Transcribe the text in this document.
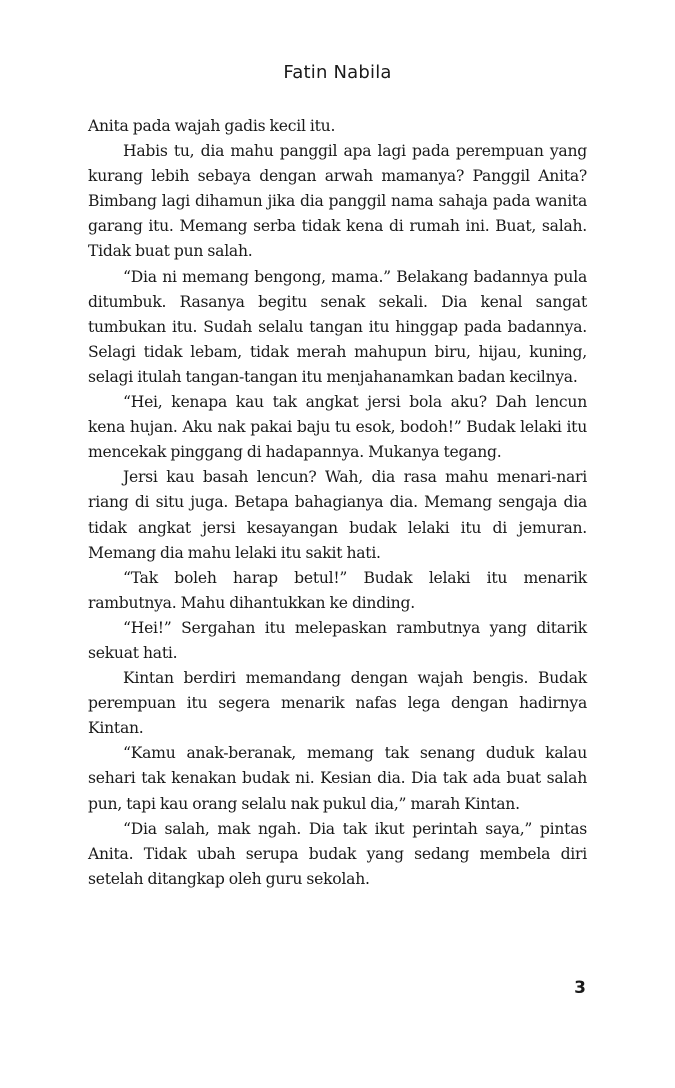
Fatin Nabila

Anita pada wajah gadis kecil itu.

Habis tu, dia mahu panggil apa lagi pada perempuan yang kurang lebih sebaya dengan arwah mamanya? Panggil Anita? Bimbang lagi dihamun jika dia panggil nama sahaja pada wanita garang itu. Memang serba tidak kena di rumah ini. Buat, salah. Tidak buat pun salah.

“Dia ni memang bengong, mama.” Belakang badannya pula ditumbuk. Rasanya begitu senak sekali. Dia kenal sangat tumbukan itu. Sudah selalu tangan itu hinggap pada badannya. Selagi tidak lebam, tidak merah mahupun biru, hijau, kuning, selagi itulah tangan-tangan itu menjahanamkan badan kecilnya.

“Hei, kenapa kau tak angkat jersi bola aku? Dah lencun kena hujan. Aku nak pakai baju tu esok, bodoh!” Budak lelaki itu mencekak pinggang di hadapannya. Mukanya tegang.

Jersi kau basah lencun? Wah, dia rasa mahu menari-nari riang di situ juga. Betapa bahagianya dia. Memang sengaja dia tidak angkat jersi kesayangan budak lelaki itu di jemuran. Memang dia mahu lelaki itu sakit hati.

“Tak boleh harap betul!” Budak lelaki itu menarik rambutnya. Mahu dihantukkan ke dinding.

“Hei!” Sergahan itu melepaskan rambutnya yang ditarik sekuat hati.

Kintan berdiri memandang dengan wajah bengis. Budak perempuan itu segera menarik nafas lega dengan hadirnya Kintan.

“Kamu anak-beranak, memang tak senang duduk kalau sehari tak kenakan budak ni. Kesian dia. Dia tak ada buat salah pun, tapi kau orang selalu nak pukul dia,” marah Kintan.

“Dia salah, mak ngah. Dia tak ikut perintah saya,” pintas Anita. Tidak ubah serupa budak yang sedang membela diri setelah ditangkap oleh guru sekolah.

3
